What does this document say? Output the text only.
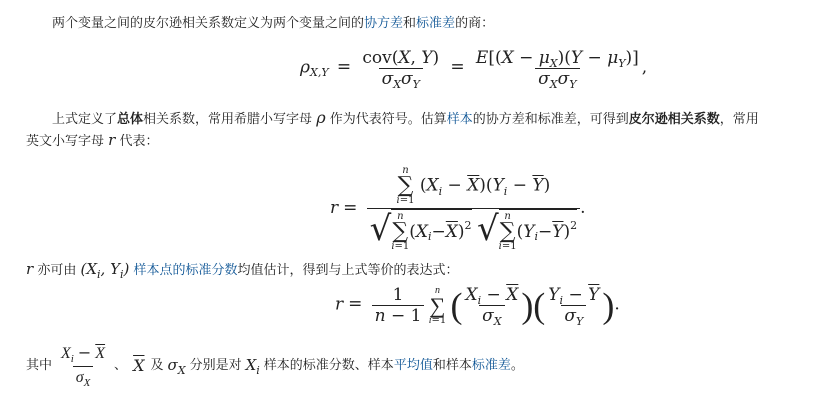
两个变量之间的皮尔逊相关系数定义为两个变量之间的协方差和标准差的商：
$\rho_{X,Y} = \frac{\text{cov(X, Y)}}{\sigma_X\sigma_Y} = \frac{E[(X - \mu_X)(Y - \mu_Y)]}{\sigma_X\sigma_Y}$ ,
上式定义了总体相关系数，常用希腊小写字母 ρ 作为代表符号。估算样本的协方差和标准差，可得到皮尔逊相关系数，常用
英文小写字母 r 代表：
r =
n
∑
i=1
$(X_i - \overline{X})(Y_i - \overline{Y})$
√ n
∑
i=1
( X $i - \overline{X}$ ) 2
√ n
∑
i=1
( Y $i - \overline{Y}$ ) 2
.
r 亦可由 ($X_i$, $Y_i$) 样本点的标准分数均值估计，得到与上式等价的表达式：
$r = \frac{1}{n - 1}$
n
∑
i=1 ( $\frac{X_i - \overline{X}}{\sigma_X}$ )( $\frac{Y_i - \overline{Y}}{\sigma_Y}$ ).
其中 $\frac{X_i - \overline{X}}{\sigma_X}$ 、 $\overline{X}$ 及 $\sigma_X$ 分别是对 $X_i$ 样本的标准分数、样本 平均值 和样本 标准差 。
